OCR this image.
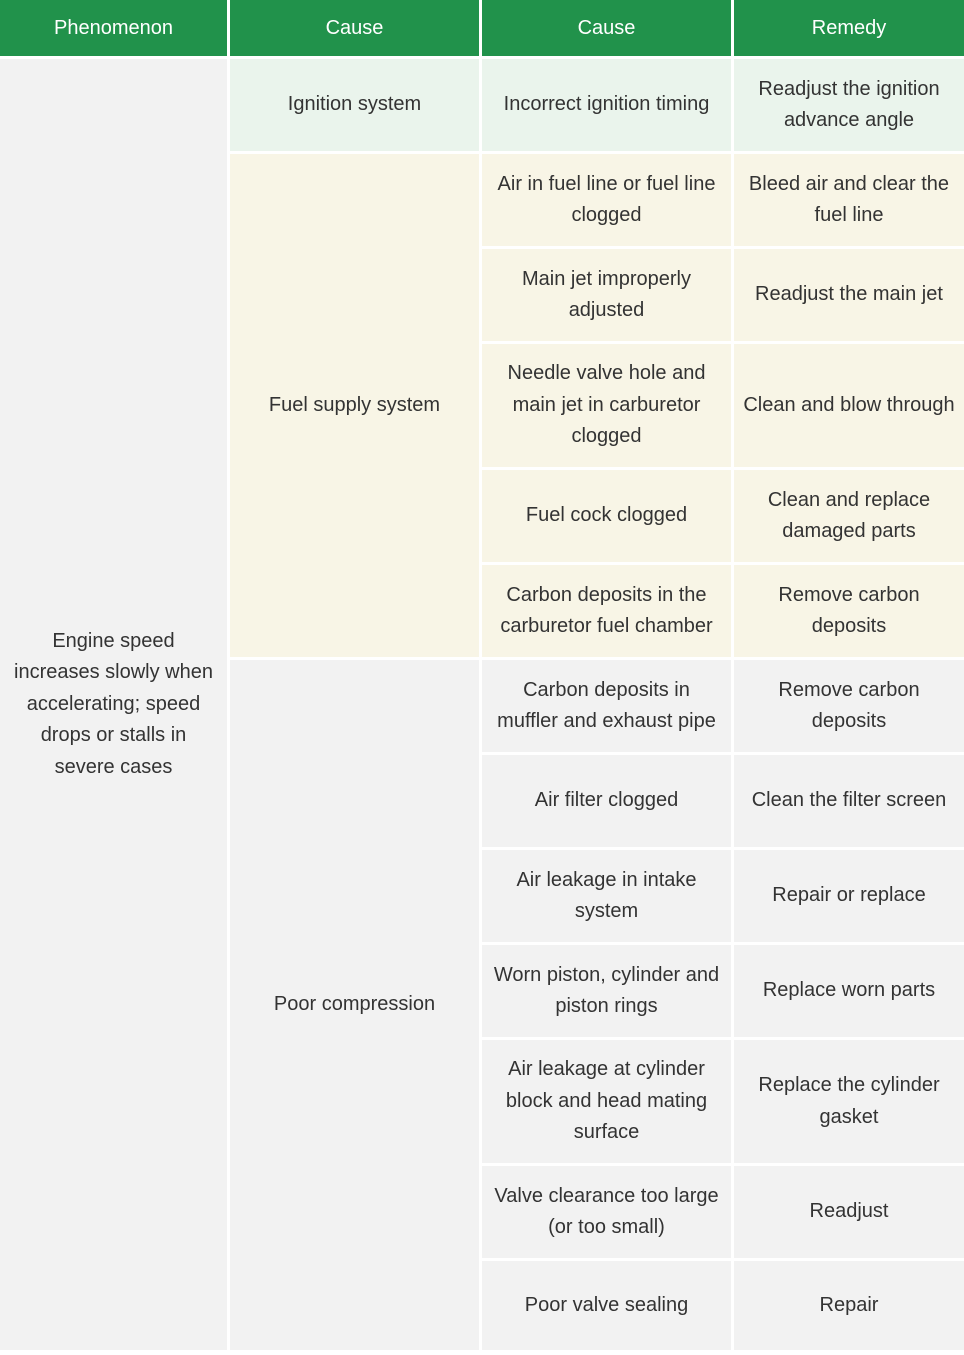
Phenomenon	Cause	Cause	Remedy
Engine speed increases slowly when accelerating; speed drops or stalls in severe cases	Ignition system	Incorrect ignition timing	Readjust the ignition advance angle
	Fuel supply system	Air in fuel line or fuel line clogged	Bleed air and clear the fuel line
		Main jet improperly adjusted	Readjust the main jet
		Needle valve hole and main jet in carburetor clogged	Clean and blow through
		Fuel cock clogged	Clean and replace damaged parts
		Carbon deposits in the carburetor fuel chamber	Remove carbon deposits
	Poor compression	Carbon deposits in muffler and exhaust pipe	Remove carbon deposits
		Air filter clogged	Clean the filter screen
		Air leakage in intake system	Repair or replace
		Worn piston, cylinder and piston rings	Replace worn parts
		Air leakage at cylinder block and head mating surface	Replace the cylinder gasket
		Valve clearance too large (or too small)	Readjust
		Poor valve sealing	Repair
